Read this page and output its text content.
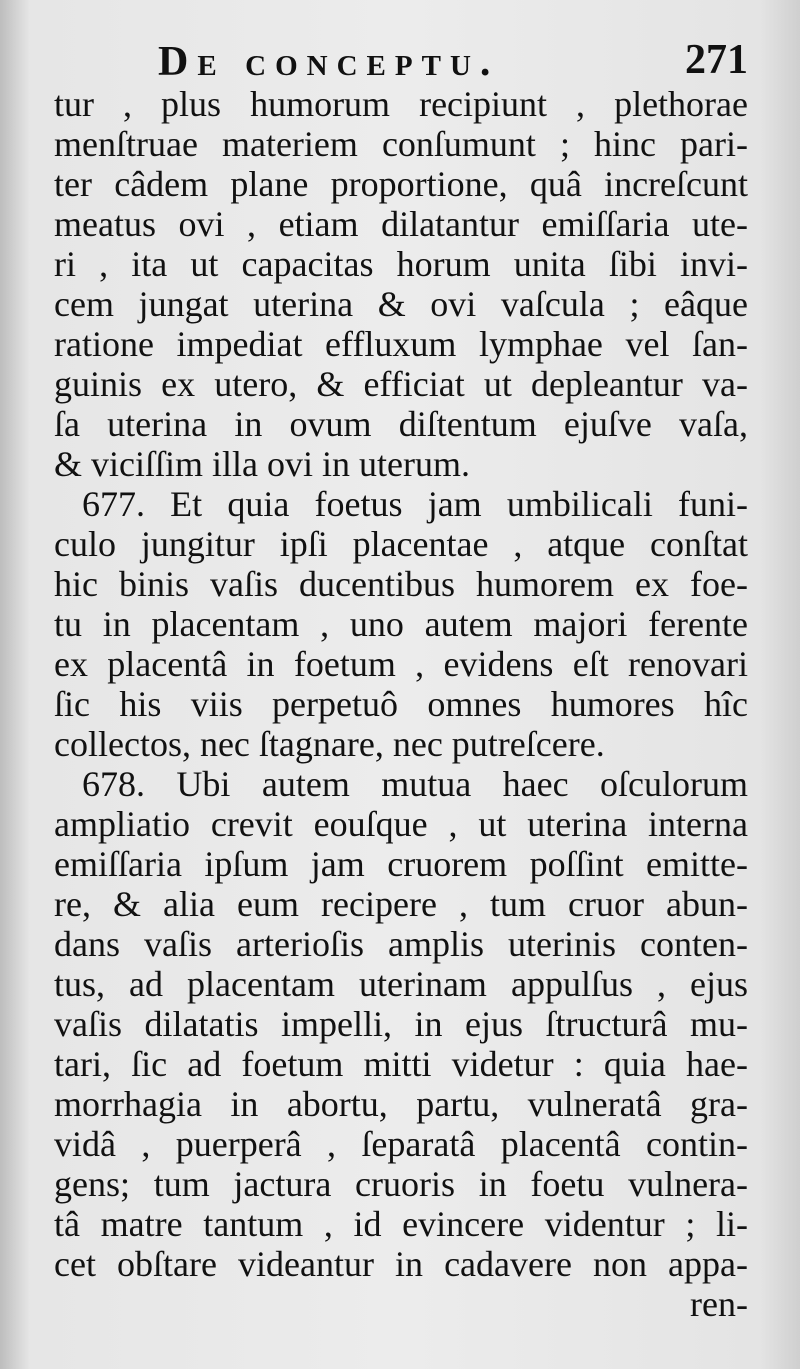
De conceptu.	271
tur , plus humorum recipiunt , plethorae
menſtruae materiem conſumunt ; hinc pari-
ter câdem plane proportione, quâ increſcunt
meatus ovi , etiam dilatantur emiſſaria ute-
ri , ita ut capacitas horum unita ſibi invi-
cem jungat uterina & ovi vaſcula ; eâque
ratione impediat effluxum lymphae vel ſan-
guinis ex utero, & efficiat ut depleantur va-
ſa uterina in ovum diſtentum ejuſve vaſa,
& viciſſim illa ovi in uterum.
677. Et quia foetus jam umbilicali funi-
culo jungitur ipſi placentae , atque conſtat
hic binis vaſis ducentibus humorem ex foe-
tu in placentam , uno autem majori ferente
ex placentâ in foetum , evidens eſt renovari
ſic his viis perpetuô omnes humores hîc
collectos, nec ſtagnare, nec putreſcere.
678. Ubi autem mutua haec oſculorum
ampliatio crevit eouſque , ut uterina interna
emiſſaria ipſum jam cruorem poſſint emitte-
re, & alia eum recipere , tum cruor abun-
dans vaſis arterioſis amplis uterinis conten-
tus, ad placentam uterinam appulſus , ejus
vaſis dilatatis impelli, in ejus ſtructurâ mu-
tari, ſic ad foetum mitti videtur : quia hae-
morrhagia in abortu, partu, vulneratâ gra-
vidâ , puerperâ , ſeparatâ placentâ contin-
gens; tum jactura cruoris in foetu vulnera-
tâ matre tantum , id evincere videntur ; li-
cet obſtare videantur in cadavere non appa-
ren-
